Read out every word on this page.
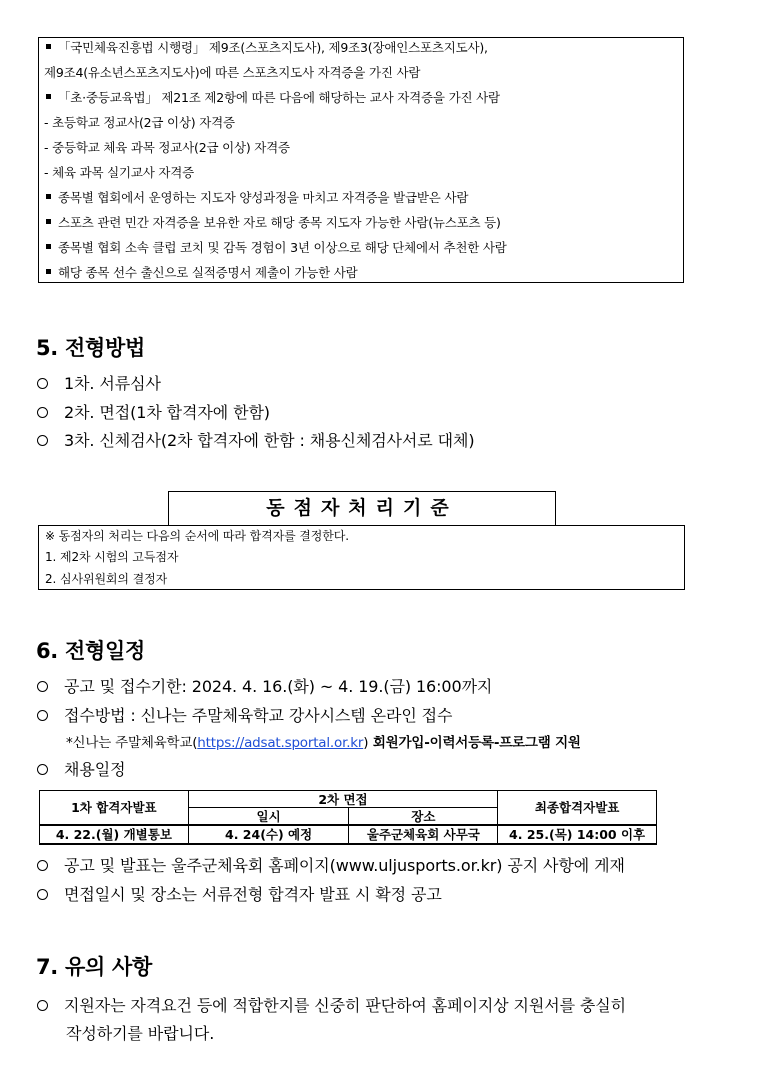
「국민체육진흥법 시행령」 제9조(스포츠지도사), 제9조3(장애인스포츠지도사),
제9조4(유소년스포츠지도사)에 따른 스포츠지도사 자격증을 가진 사람
「초·중등교육법」 제21조 제2항에 따른 다음에 해당하는 교사 자격증을 가진 사람
- 초등학교 정교사(2급 이상) 자격증
- 중등학교 체육 과목 정교사(2급 이상) 자격증
- 체육 과목 실기교사 자격증
종목별 협회에서 운영하는 지도자 양성과정을 마치고 자격증을 발급받은 사람
스포츠 관련 민간 자격증을 보유한 자로 해당 종목 지도자 가능한 사람(뉴스포츠 등)
종목별 협회 소속 클럽 코치 및 감독 경험이 3년 이상으로 해당 단체에서 추천한 사람
해당 종목 선수 출신으로 실적증명서 제출이 가능한 사람
5. 전형방법
1차. 서류심사
2차. 면접(1차 합격자에 한함)
3차. 신체검사(2차 합격자에 한함 : 채용신체검사서로 대체)
동점자처리기준
※ 동점자의 처리는 다음의 순서에 따라 합격자를 결정한다.
1. 제2차 시험의 고득점자
2. 심사위원회의 결정자
6. 전형일정
공고 및 접수기한: 2024. 4. 16.(화) ~ 4. 19.(금) 16:00까지
접수방법 : 신나는 주말체육학교 강사시스템 온라인 접수
*신나는 주말체육학교(https://adsat.sportal.or.kr) 회원가입-이력서등록-프로그램 지원
채용일정
1차 합격자발표	2차 면접		최종합격자발표
	일시	장소	
4. 22.(월) 개별통보	4. 24(수) 예정	울주군체육회 사무국	4. 25.(목) 14:00 이후
공고 및 발표는 울주군체육회 홈페이지(www.uljusports.or.kr) 공지 사항에 게재
면접일시 및 장소는 서류전형 합격자 발표 시 확정 공고
7. 유의 사항
지원자는 자격요건 등에 적합한지를 신중히 판단하여 홈페이지상 지원서를 충실히
작성하기를 바랍니다.
